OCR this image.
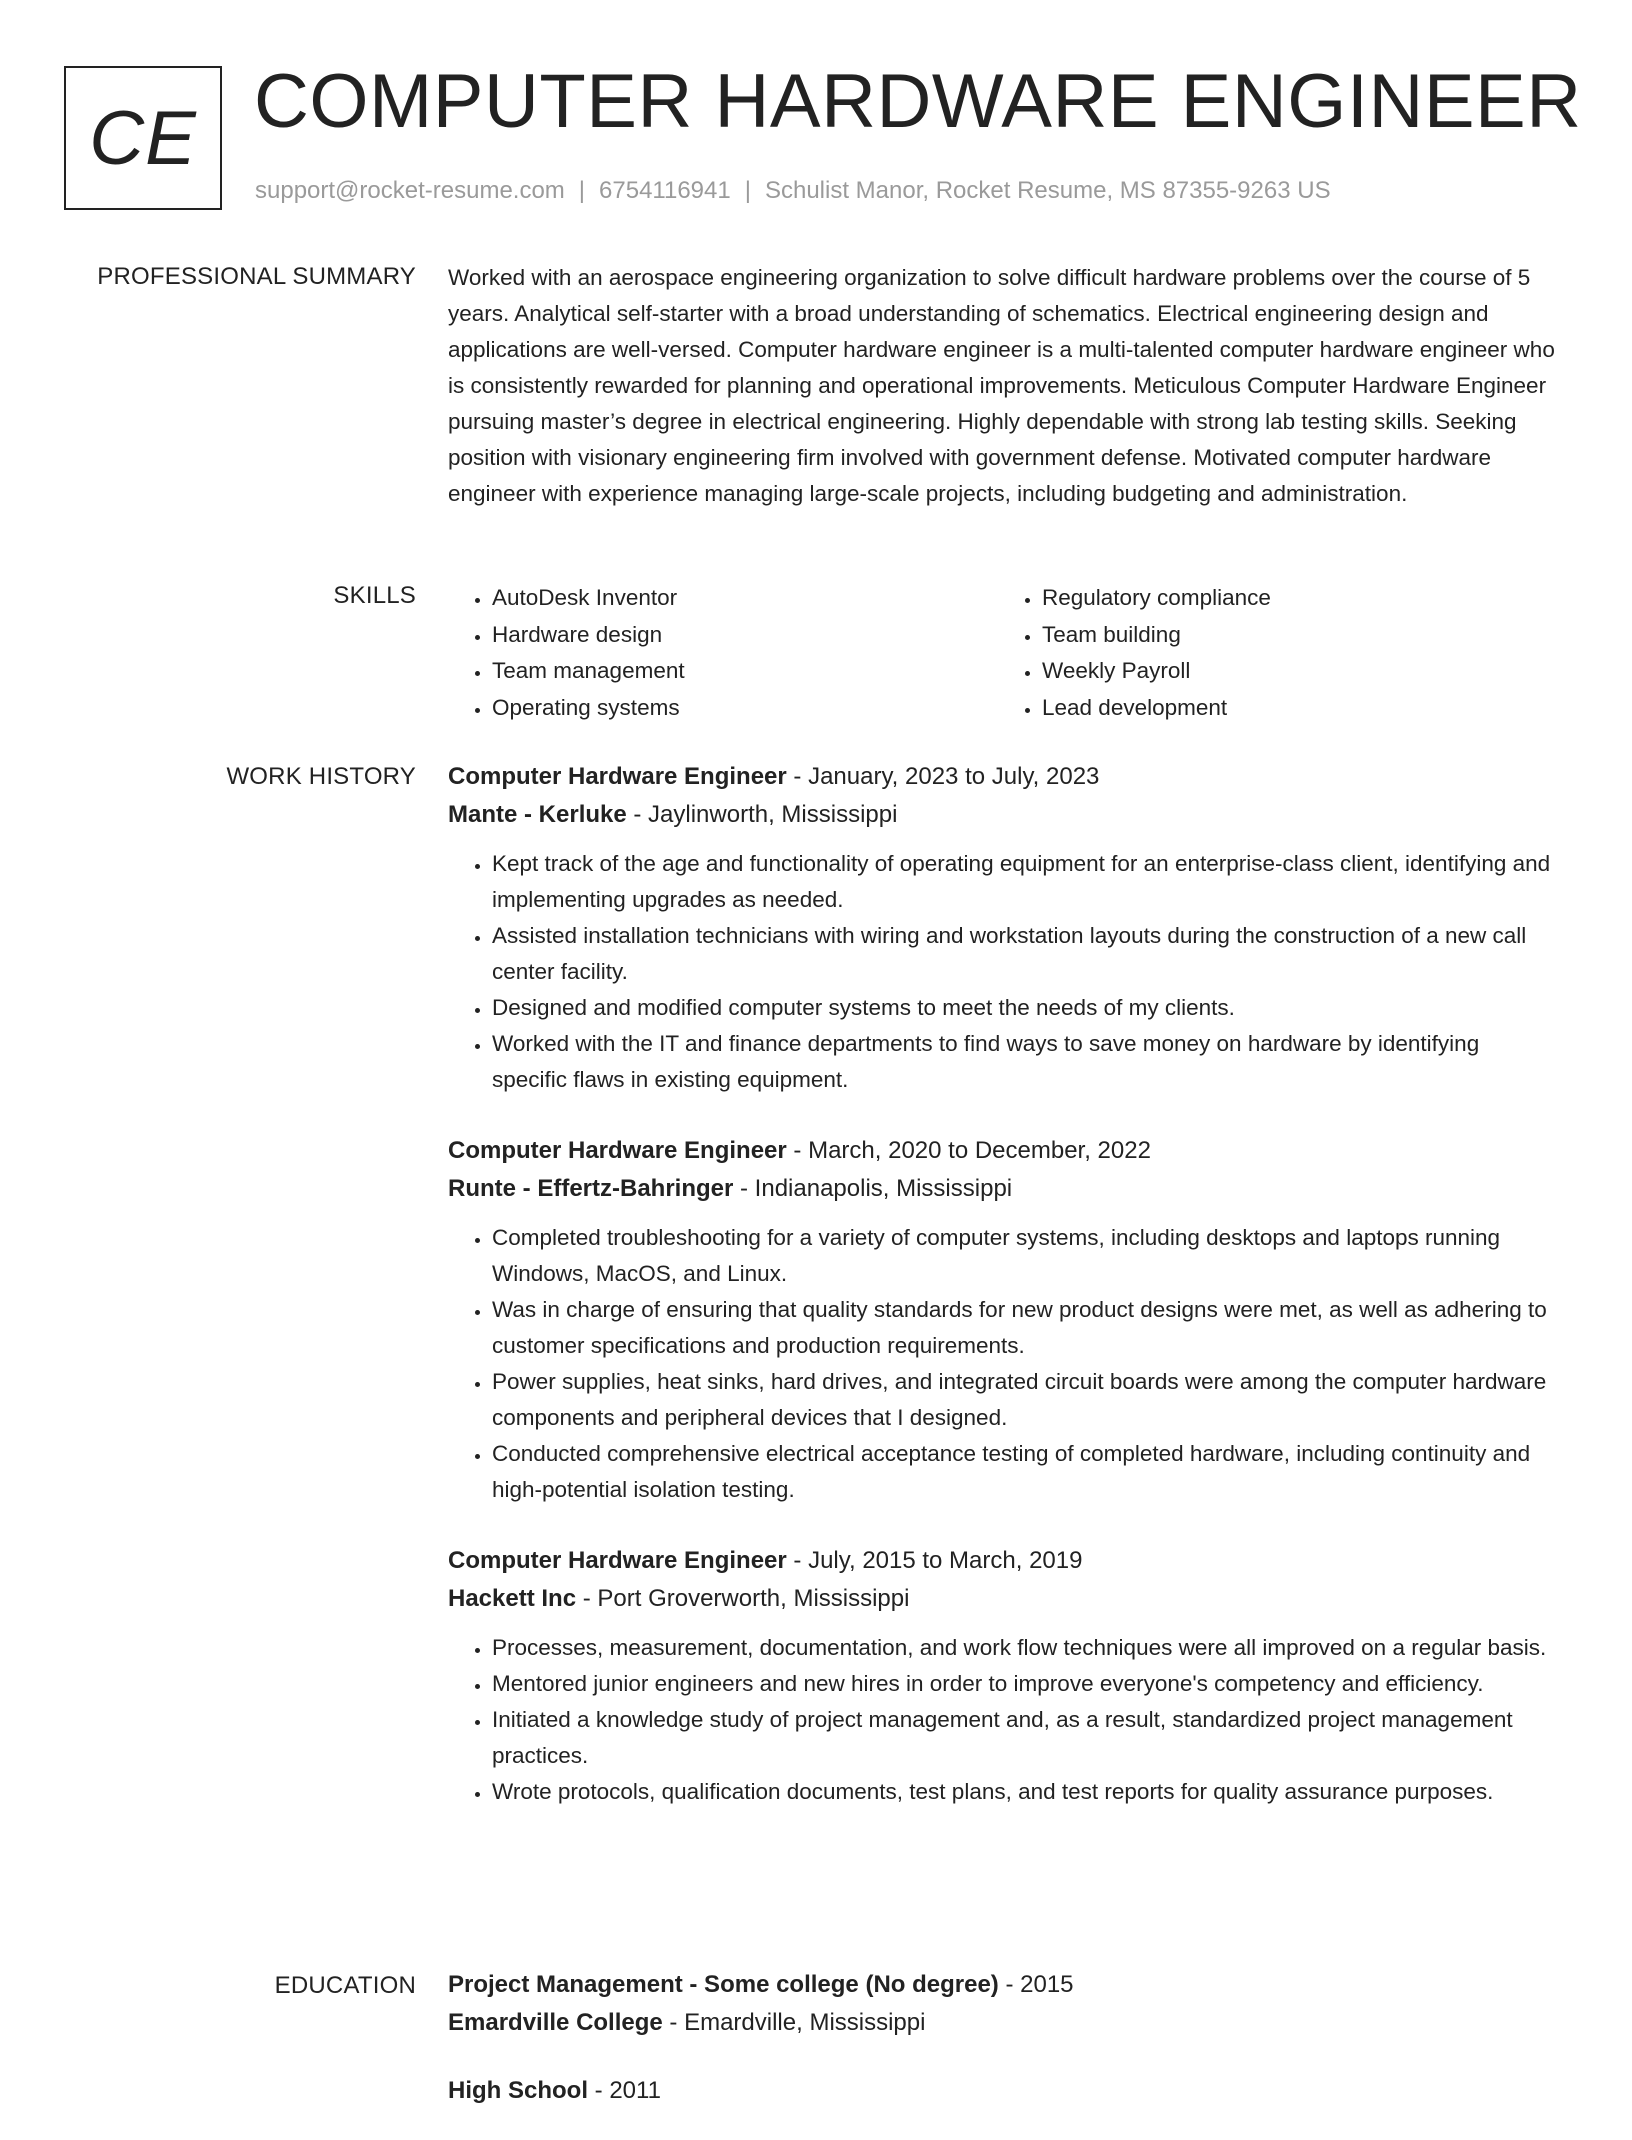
CE COMPUTER HARDWARE ENGINEER
support@rocket-resume.com | 6754116941 | Schulist Manor, Rocket Resume, MS 87355-9263 US
PROFESSIONAL SUMMARY Worked with an aerospace engineering organization to solve difficult hardware problems over the course of 5 years. Analytical self-starter with a broad understanding of schematics. Electrical engineering design and applications are well-versed. Computer hardware engineer is a multi-talented computer hardware engineer who is consistently rewarded for planning and operational improvements. Meticulous Computer Hardware Engineer pursuing master’s degree in electrical engineering. Highly dependable with strong lab testing skills. Seeking position with visionary engineering firm involved with government defense. Motivated computer hardware engineer with experience managing large-scale projects, including budgeting and administration.
SKILLS
•	AutoDesk Inventor
• Hardware design
• Team management
• Operating systems
• Regulatory compliance
• Team building
• Weekly Payroll
• Lead development
WORK HISTORY Computer Hardware Engineer - January, 2023 to July, 2023
Mante - Kerluke - Jaylinworth, Mississippi
• Kept track of the age and functionality of operating equipment for an enterprise-class client, identifying and implementing upgrades as needed.
• Assisted installation technicians with wiring and workstation layouts during the construction of a new call center facility.
• Designed and modified computer systems to meet the needs of my clients.
• Worked with the IT and finance departments to find ways to save money on hardware by identifying specific flaws in existing equipment.
Computer Hardware Engineer - March, 2020 to December, 2022
Runte - Effertz-Bahringer - Indianapolis, Mississippi
• Completed troubleshooting for a variety of computer systems, including desktops and laptops running Windows, MacOS, and Linux.
• Was in charge of ensuring that quality standards for new product designs were met, as well as adhering to customer specifications and production requirements.
• Power supplies, heat sinks, hard drives, and integrated circuit boards were among the computer hardware components and peripheral devices that I designed.
• Conducted comprehensive electrical acceptance testing of completed hardware, including continuity and high-potential isolation testing.
Computer Hardware Engineer - July, 2015 to March, 2019
Hackett Inc - Port Groverworth, Mississippi
• Processes, measurement, documentation, and work flow techniques were all improved on a regular basis.
• Mentored junior engineers and new hires in order to improve everyone's competency and efficiency.
• Initiated a knowledge study of project management and, as a result, standardized project management practices.
• Wrote protocols, qualification documents, test plans, and test reports for quality assurance purposes.
EDUCATION Project Management - Some college (No degree) - 2015
Emardville College - Emardville, Mississippi
High School - 2011
